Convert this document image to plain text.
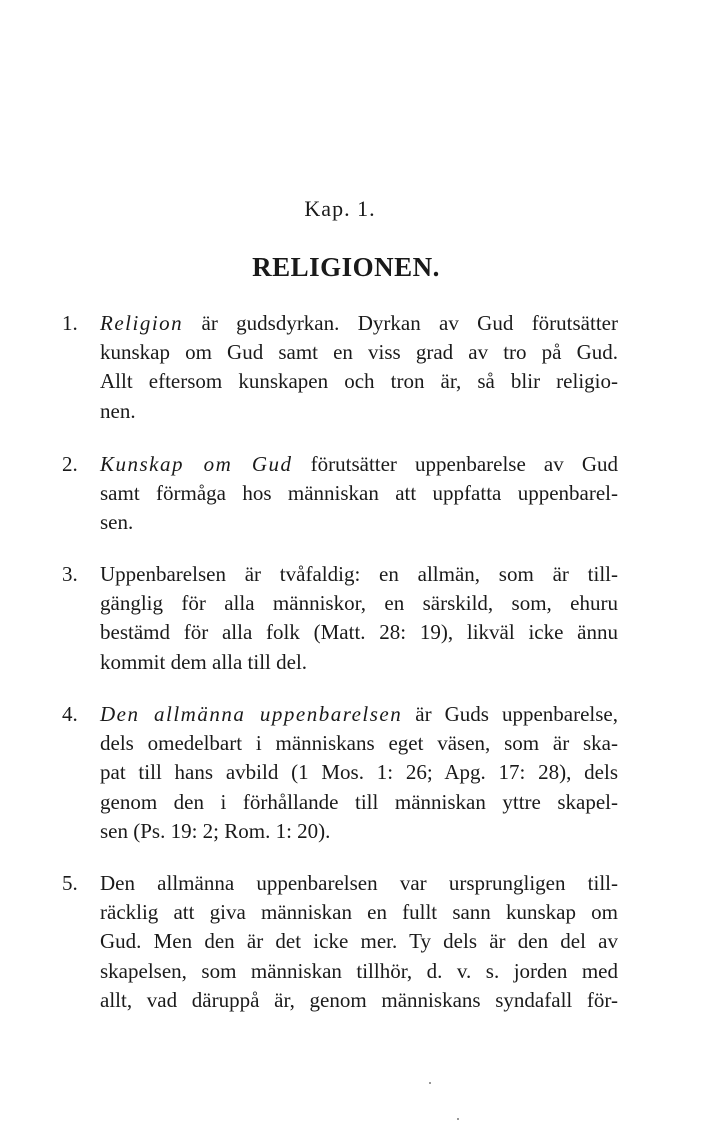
Kap. 1.
RELIGIONEN.
1.	Religion är gudsdyrkan. Dyrkan av Gud förutsätter
kunskap om Gud samt en viss grad av tro på Gud.
Allt eftersom kunskapen och tron är, så blir religio-
nen.
2.	Kunskap om Gud förutsätter uppenbarelse av Gud
samt förmåga hos människan att uppfatta uppenbarel-
sen.
3.	Uppenbarelsen är tvåfaldig: en allmän, som är till-
gänglig för alla människor, en särskild, som, ehuru
bestämd för alla folk (Matt. 28: 19), likväl icke ännu
kommit dem alla till del.
4.	Den allmänna uppenbarelsen är Guds uppenbarelse,
dels omedelbart i människans eget väsen, som är ska-
pat till hans avbild (1 Mos. 1: 26; Apg. 17: 28), dels
genom den i förhållande till människan yttre skapel-
sen (Ps. 19: 2; Rom. 1: 20).
5.	Den allmänna uppenbarelsen var ursprungligen till-
räcklig att giva människan en fullt sann kunskap om
Gud. Men den är det icke mer. Ty dels är den del av
skapelsen, som människan tillhör, d. v. s. jorden med
allt, vad däruppå är, genom människans syndafall för-
